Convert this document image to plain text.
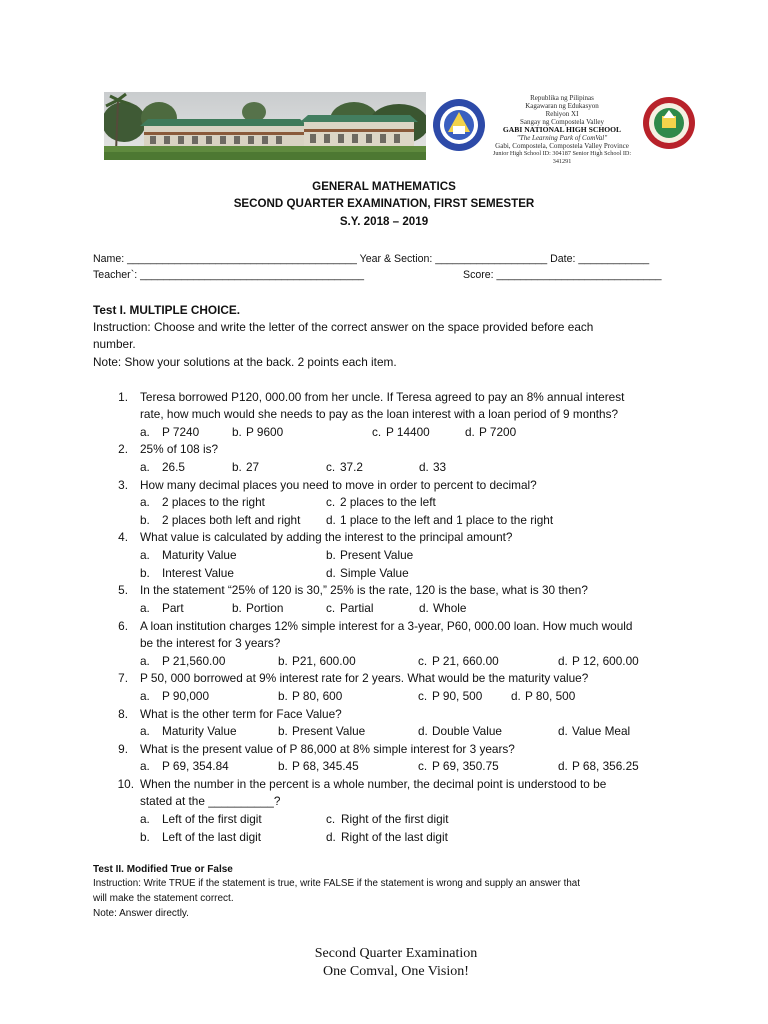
Republika ng Pilipinas
Kagawaran ng Edukasyon
Rehiyon XI
Sangay ng Compostela Valley
GABI NATIONAL HIGH SCHOOL
"The Learning Park of ComVal"
Gabi, Compostela, Compostela Valley Province
Junior High School ID: 304187 Senior High School ID: 341291
GENERAL MATHEMATICS
SECOND QUARTER EXAMINATION, FIRST SEMESTER
S.Y. 2018 – 2019
Name: _______________________________________ Year & Section: ___________________ Date: ____________
Teacher`: ______________________________________	Score: ____________________________
Test I. MULTIPLE CHOICE.
Instruction: Choose and write the letter of the correct answer on the space provided before each
number.
Note: Show your solutions at the back. 2 points each item.
1. Teresa borrowed P120, 000.00 from her uncle. If Teresa agreed to pay an 8% annual interest
rate, how much would she needs to pay as the loan interest with a loan period of 9 months?
a. P 7240	b. P 9600	c. P 14400	d. P 7200
2. 25% of 108 is?
a. 26.5	b. 27	c. 37.2	d. 33
3. How many decimal places you need to move in order to percent to decimal?
a. 2 places to the right	c. 2 places to the left
b. 2 places both left and right d. 1 place to the left and 1 place to the right
4. What value is calculated by adding the interest to the principal amount?
a. Maturity Value	b. Present Value
b. Interest Value	d. Simple Value
5. In the statement “25% of 120 is 30,” 25% is the rate, 120 is the base, what is 30 then?
a. Part	b. Portion	c. Partial	d. Whole
6. A loan institution charges 12% simple interest for a 3-year, P60, 000.00 loan. How much would
be the interest for 3 years?
a. P 21,560.00	b. P21, 600.00	c. P 21, 660.00	d. P 12, 600.00
7. P 50, 000 borrowed at 9% interest rate for 2 years. What would be the maturity value?
a. P 90,000	b. P 80, 600	c. P 90, 500 d. P 80, 500
8. What is the other term for Face Value?
a. Maturity Value	b. Present Value	d. Double Value	d. Value Meal
9. What is the present value of P 86,000 at 8% simple interest for 3 years?
a. P 69, 354.84	b. P 68, 345.45	c. P 69, 350.75	d. P 68, 356.25
10. When the number in the percent is a whole number, the decimal point is understood to be
stated at the __________?
a. Left of the first digit	c. Right of the first digit
b. Left of the last digit	d. Right of the last digit
Test II. Modified True or False
Instruction: Write TRUE if the statement is true, write FALSE if the statement is wrong and supply an answer that
will make the statement correct.
Note: Answer directly.
Second Quarter Examination
One Comval, One Vision!
